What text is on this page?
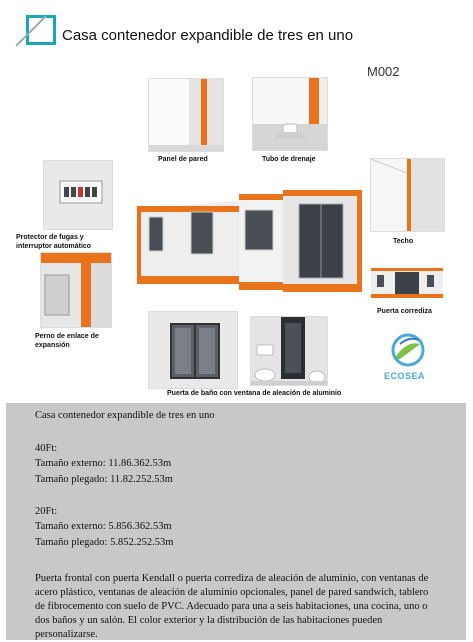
Casa contenedor expandible de tres en uno
M002
Panel de pared	Tubo de drenaje
Protector de fugas y interruptor automático
Techo
Perno de enlace de expansión
Puerta corrediza
Puerta de baño con ventana de aleación de aluminio
ECOSEA
Casa contenedor expandible de tres en uno
40Ft:
Tamaño externo: 11.86.362.53m
Tamaño plegado: 11.82.252.53m
20Ft:
Tamaño externo: 5.856.362.53m
Tamaño plegado: 5.852.252.53m
Puerta frontal con puerta Kendall o puerta corrediza de aleación de aluminio, con ventanas de acero plástico, ventanas de aleación de aluminio opcionales, panel de pared sandwich, tablero de fibrocemento con suelo de PVC. Adecuado para una a seis habitaciones, una cocina, uno o dos baños y un salón. El color exterior y la distribución de las habitaciones pueden personalizarse.
